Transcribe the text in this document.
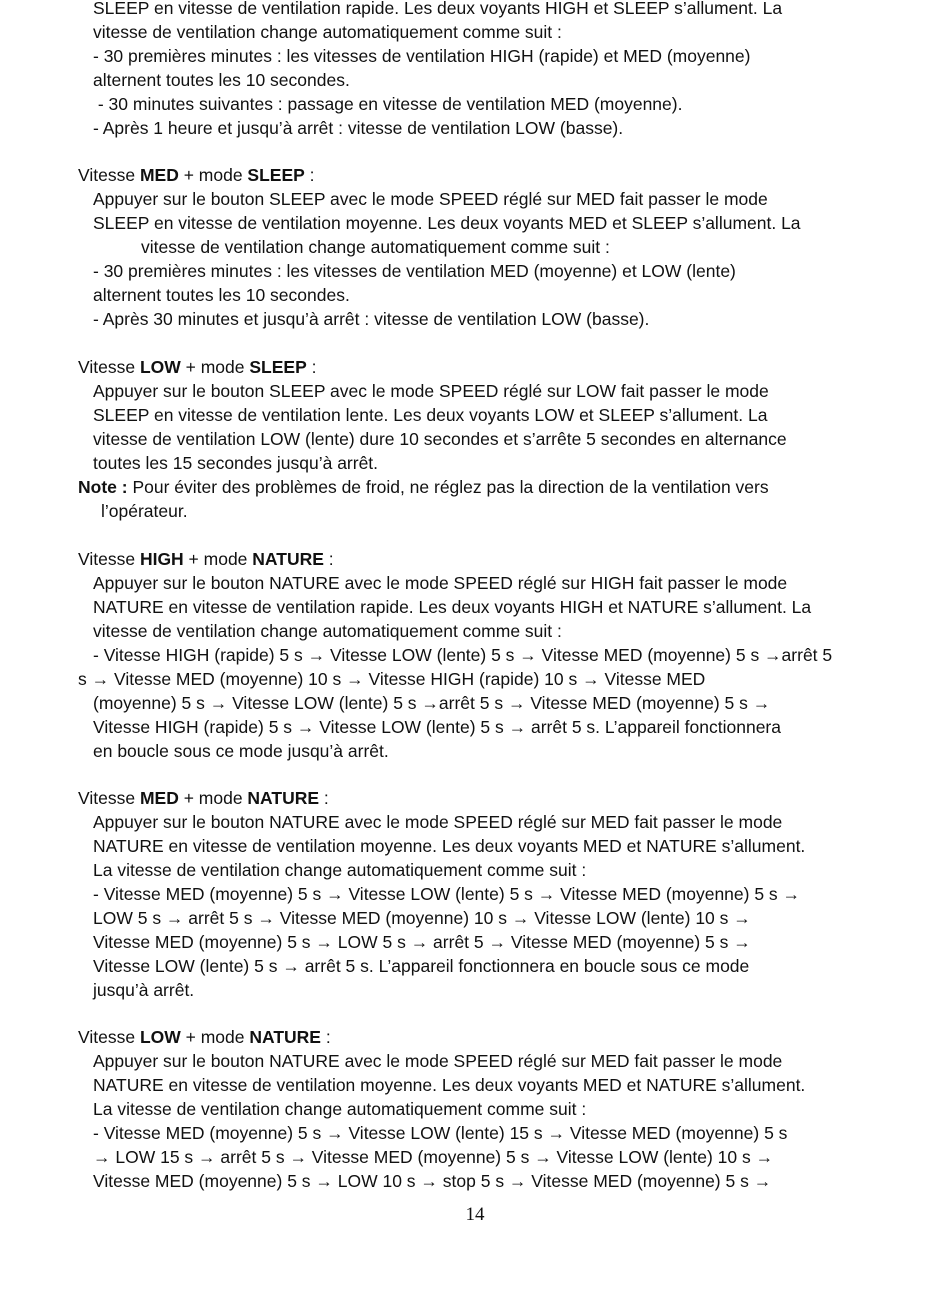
SLEEP en vitesse de ventilation rapide. Les deux voyants HIGH et SLEEP s’allument. La
vitesse de ventilation change automatiquement comme suit :
- 30 premières minutes : les vitesses de ventilation HIGH (rapide) et MED (moyenne)
alternent toutes les 10 secondes.
- 30 minutes suivantes : passage en vitesse de ventilation MED (moyenne).
- Après 1 heure et jusqu’à arrêt : vitesse de ventilation LOW (basse).
Vitesse MED + mode SLEEP :
Appuyer sur le bouton SLEEP avec le mode SPEED réglé sur MED fait passer le mode
SLEEP en vitesse de ventilation moyenne. Les deux voyants MED et SLEEP s’allument. La
vitesse de ventilation change automatiquement comme suit :
- 30 premières minutes : les vitesses de ventilation MED (moyenne) et LOW (lente)
alternent toutes les 10 secondes.
- Après 30 minutes et jusqu’à arrêt : vitesse de ventilation LOW (basse).
Vitesse LOW + mode SLEEP :
Appuyer sur le bouton SLEEP avec le mode SPEED réglé sur LOW fait passer le mode
SLEEP en vitesse de ventilation lente. Les deux voyants LOW et SLEEP s’allument. La
vitesse de ventilation LOW (lente) dure 10 secondes et s’arrête 5 secondes en alternance
toutes les 15 secondes jusqu’à arrêt.
Note : Pour éviter des problèmes de froid, ne réglez pas la direction de la ventilation vers
l’opérateur.
Vitesse HIGH + mode NATURE :
Appuyer sur le bouton NATURE avec le mode SPEED réglé sur HIGH fait passer le mode
NATURE en vitesse de ventilation rapide. Les deux voyants HIGH et NATURE s’allument. La
vitesse de ventilation change automatiquement comme suit :
- Vitesse HIGH (rapide) 5 s → Vitesse LOW (lente) 5 s → Vitesse MED (moyenne) 5 s →arrêt 5
s → Vitesse MED (moyenne) 10 s → Vitesse HIGH (rapide) 10 s → Vitesse MED
(moyenne) 5 s → Vitesse LOW (lente) 5 s →arrêt 5 s → Vitesse MED (moyenne) 5 s →
Vitesse HIGH (rapide) 5 s → Vitesse LOW (lente) 5 s → arrêt 5 s. L’appareil fonctionnera
en boucle sous ce mode jusqu’à arrêt.
Vitesse MED + mode NATURE :
Appuyer sur le bouton NATURE avec le mode SPEED réglé sur MED fait passer le mode
NATURE en vitesse de ventilation moyenne. Les deux voyants MED et NATURE s’allument.
La vitesse de ventilation change automatiquement comme suit :
- Vitesse MED (moyenne) 5 s → Vitesse LOW (lente) 5 s → Vitesse MED (moyenne) 5 s →
LOW 5 s → arrêt 5 s → Vitesse MED (moyenne) 10 s → Vitesse LOW (lente) 10 s →
Vitesse MED (moyenne) 5 s → LOW 5 s → arrêt 5 → Vitesse MED (moyenne) 5 s →
Vitesse LOW (lente) 5 s → arrêt 5 s. L’appareil fonctionnera en boucle sous ce mode
jusqu’à arrêt.
Vitesse LOW + mode NATURE :
Appuyer sur le bouton NATURE avec le mode SPEED réglé sur MED fait passer le mode
NATURE en vitesse de ventilation moyenne. Les deux voyants MED et NATURE s’allument.
La vitesse de ventilation change automatiquement comme suit :
- Vitesse MED (moyenne) 5 s → Vitesse LOW (lente) 15 s → Vitesse MED (moyenne) 5 s
→ LOW 15 s → arrêt 5 s → Vitesse MED (moyenne) 5 s → Vitesse LOW (lente) 10 s →
Vitesse MED (moyenne) 5 s → LOW 10 s → stop 5 s → Vitesse MED (moyenne) 5 s →
14
